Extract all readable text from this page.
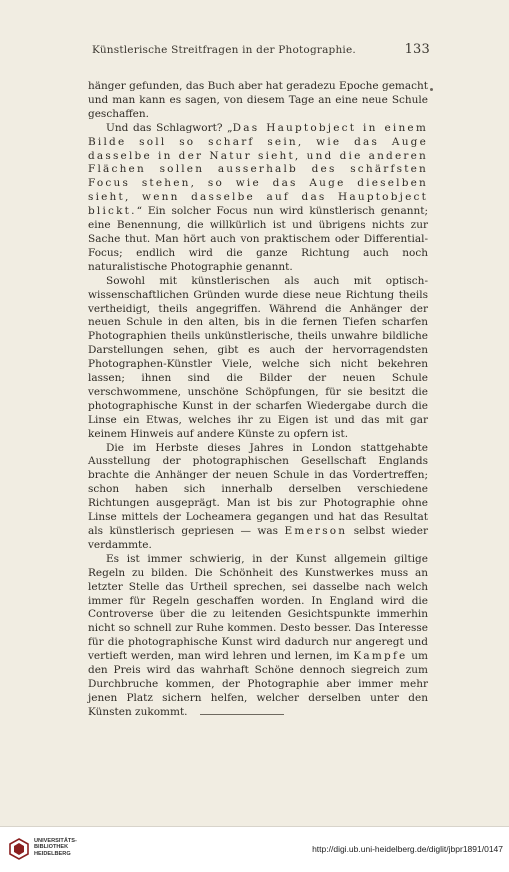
Künstlerische Streitfragen in der Photographie.	133

hänger gefunden, das Buch aber hat geradezu Epoche gemacht und man kann es sagen, von diesem Tage an eine neue Schule geschaffen.

Und das Schlagwort? „Das Hauptobject in einem Bilde soll so scharf sein, wie das Auge dasselbe in der Natur sieht, und die anderen Flächen sollen ausserhalb des schärfsten Focus stehen, so wie das Auge dieselben sieht, wenn dasselbe auf das Hauptobject blickt.“ Ein solcher Focus nun wird künstlerisch genannt; eine Benennung, die willkürlich ist und übrigens nichts zur Sache thut. Man hört auch von praktischem oder Differential-Focus; endlich wird die ganze Richtung auch noch naturalistische Photographie genannt.

Sowohl mit künstlerischen als auch mit optisch-wissenschaftlichen Gründen wurde diese neue Richtung theils vertheidigt, theils angegriffen. Während die Anhänger der neuen Schule in den alten, bis in die fernen Tiefen scharfen Photographien theils unkünstlerische, theils unwahre bildliche Darstellungen sehen, gibt es auch der hervorragendsten Photographen-Künstler Viele, welche sich nicht bekehren lassen; ihnen sind die Bilder der neuen Schule verschwommene, unschöne Schöpfungen, für sie besitzt die photographische Kunst in der scharfen Wiedergabe durch die Linse ein Etwas, welches ihr zu Eigen ist und das mit gar keinem Hinweis auf andere Künste zu opfern ist.

Die im Herbste dieses Jahres in London stattgehabte Ausstellung der photographischen Gesellschaft Englands brachte die Anhänger der neuen Schule in das Vordertreffen; schon haben sich innerhalb derselben verschiedene Richtungen ausgeprägt. Man ist bis zur Photographie ohne Linse mittels der Locheamera gegangen und hat das Resultat als künstlerisch gepriesen — was Emerson selbst wieder verdammte.

Es ist immer schwierig, in der Kunst allgemein giltige Regeln zu bilden. Die Schönheit des Kunstwerkes muss an letzter Stelle das Urtheil sprechen, sei dasselbe nach welch immer für Regeln geschaffen worden. In England wird die Controverse über die zu leitenden Gesichtspunkte immerhin nicht so schnell zur Ruhe kommen. Desto besser. Das Interesse für die photographische Kunst wird dadurch nur angeregt und vertieft werden, man wird lehren und lernen, im Kampfe um den Preis wird das wahrhaft Schöne dennoch siegreich zum Durchbruche kommen, der Photographie aber immer mehr jenen Platz sichern helfen, welcher derselben unter den Künsten zukommt.

UNIVERSITÄTS-
BIBLIOTHEK
HEIDELBERG	http://digi.ub.uni-heidelberg.de/diglit/jbpr1891/0147
